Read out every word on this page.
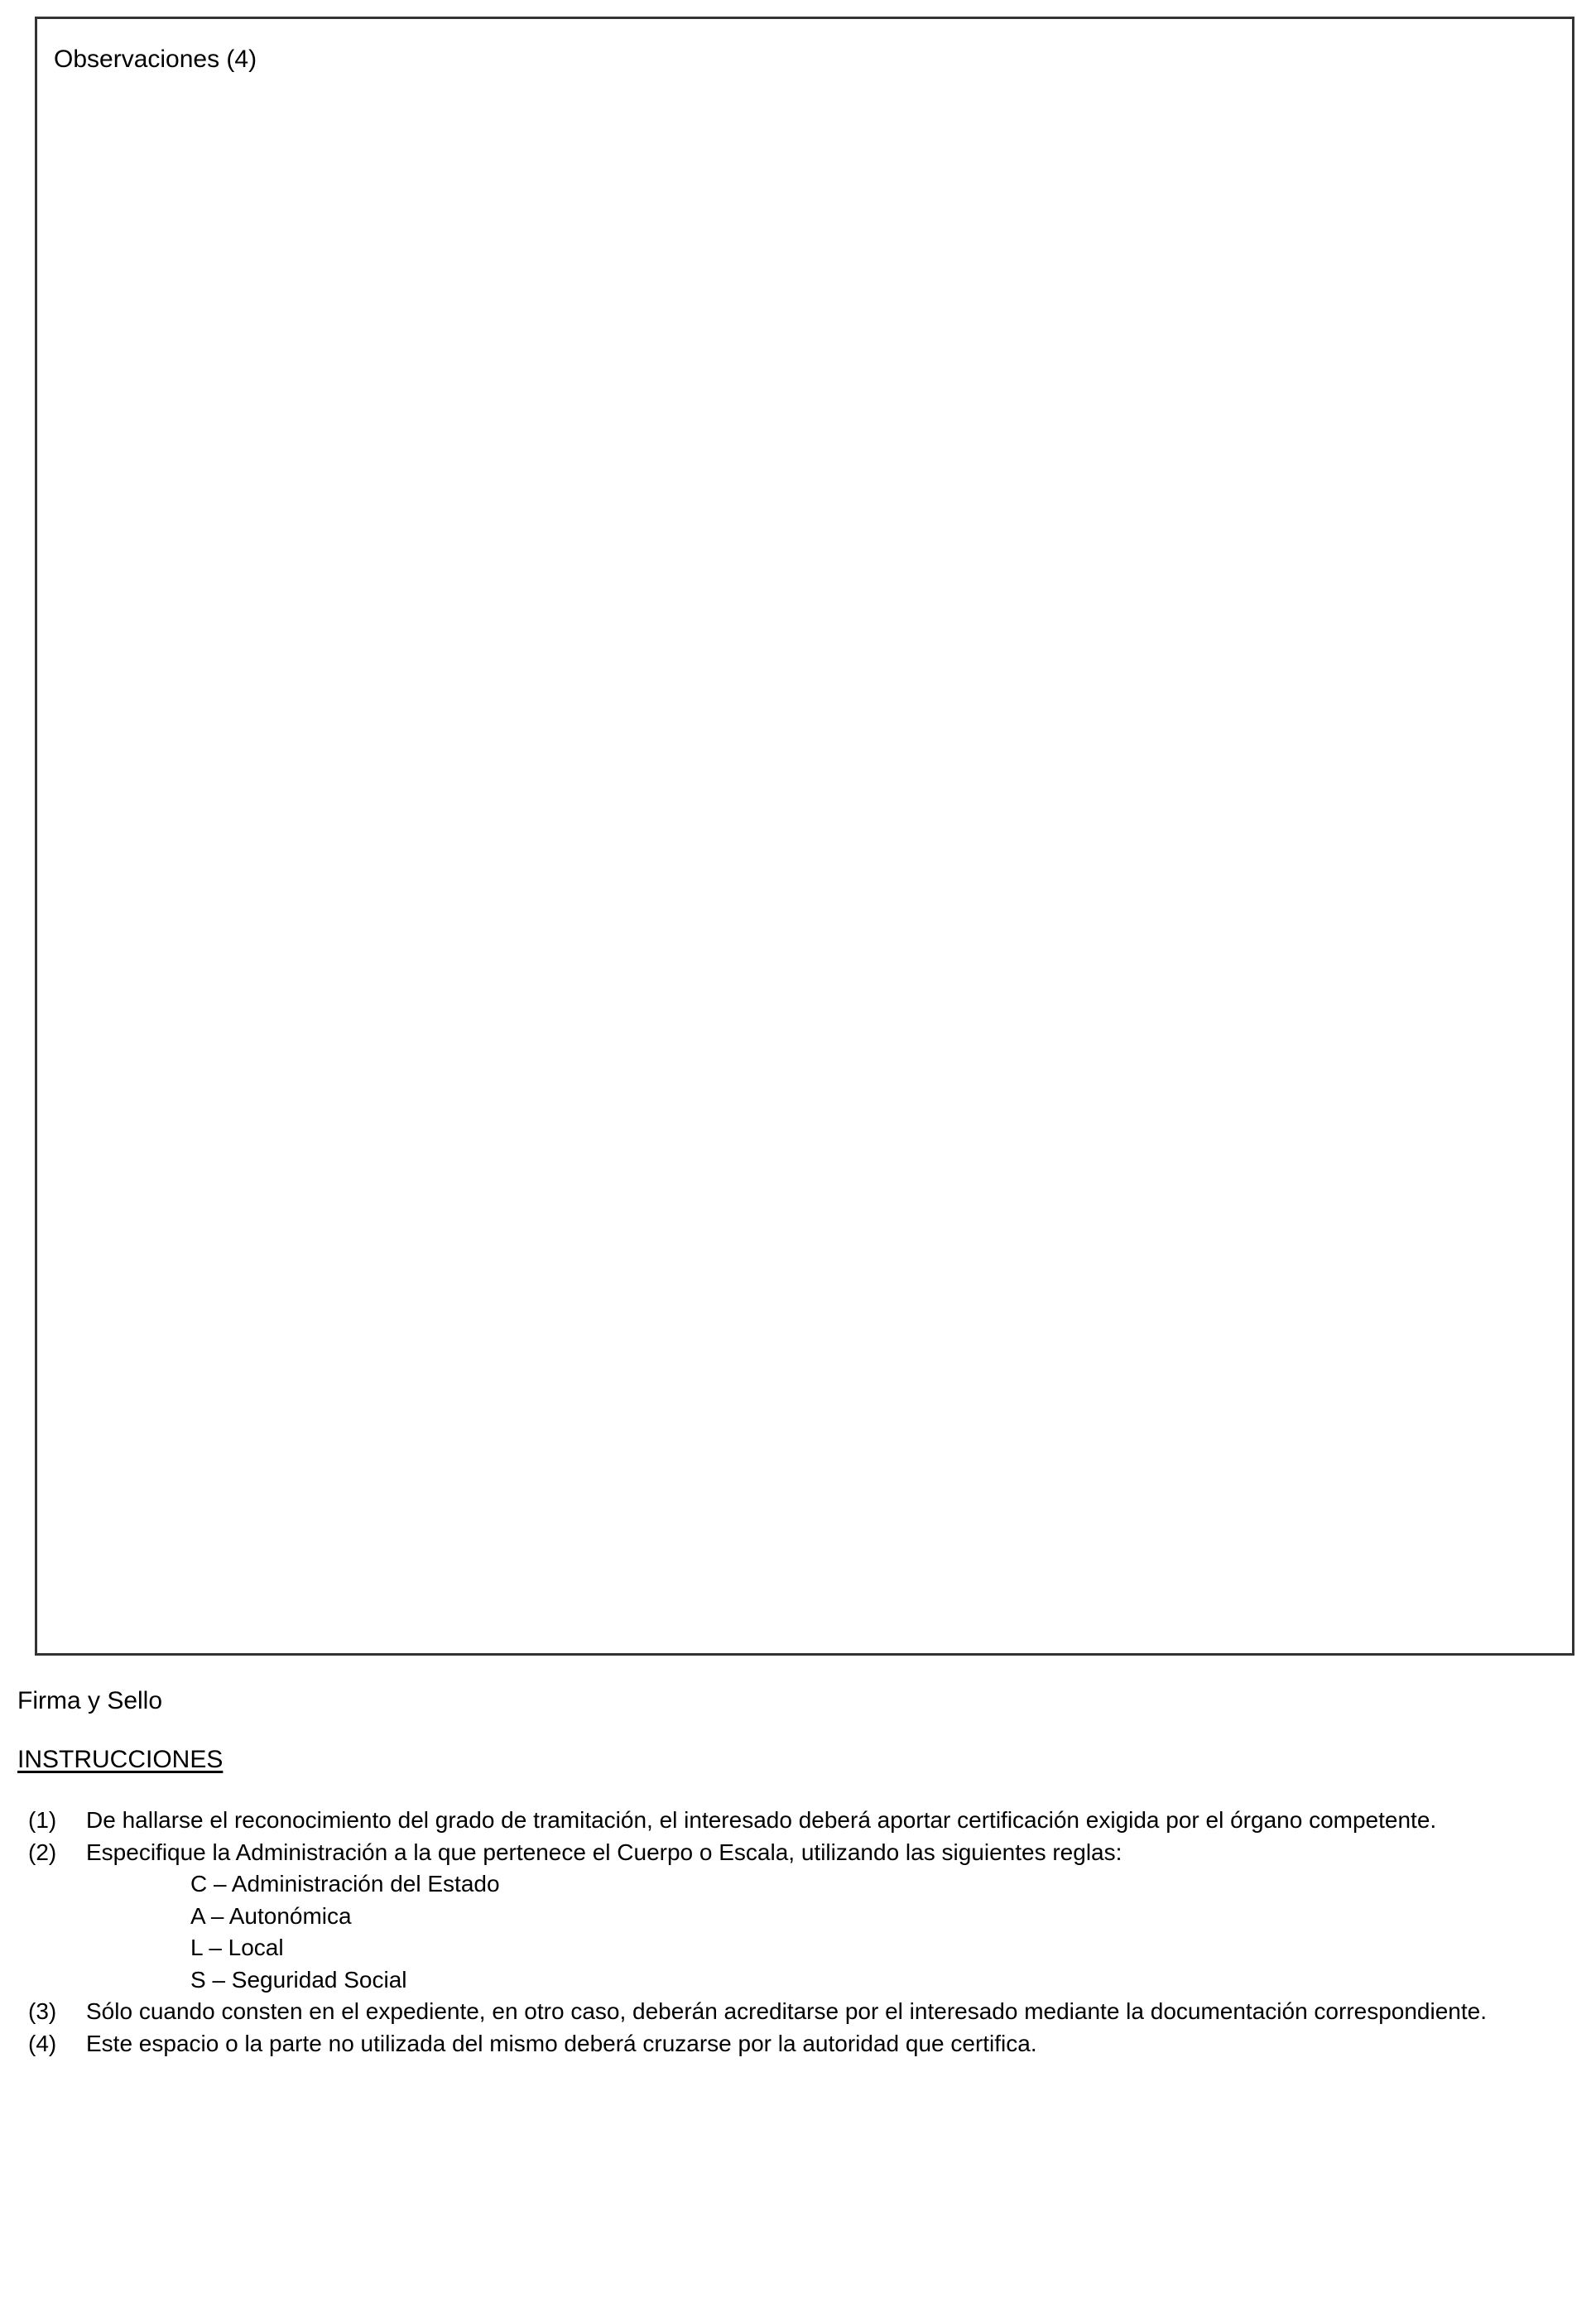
Observaciones (4)
Firma y Sello
INSTRUCCIONES
(1) De hallarse el reconocimiento del grado de tramitación, el interesado deberá aportar certificación exigida por el órgano competente.
(2) Especifique la Administración a la que pertenece el Cuerpo o Escala, utilizando las siguientes reglas:
C – Administración del Estado
A – Autonómica
L – Local
S – Seguridad Social
(3) Sólo cuando consten en el expediente, en otro caso, deberán acreditarse por el interesado mediante la documentación correspondiente.
(4) Este espacio o la parte no utilizada del mismo deberá cruzarse por la autoridad que certifica.
